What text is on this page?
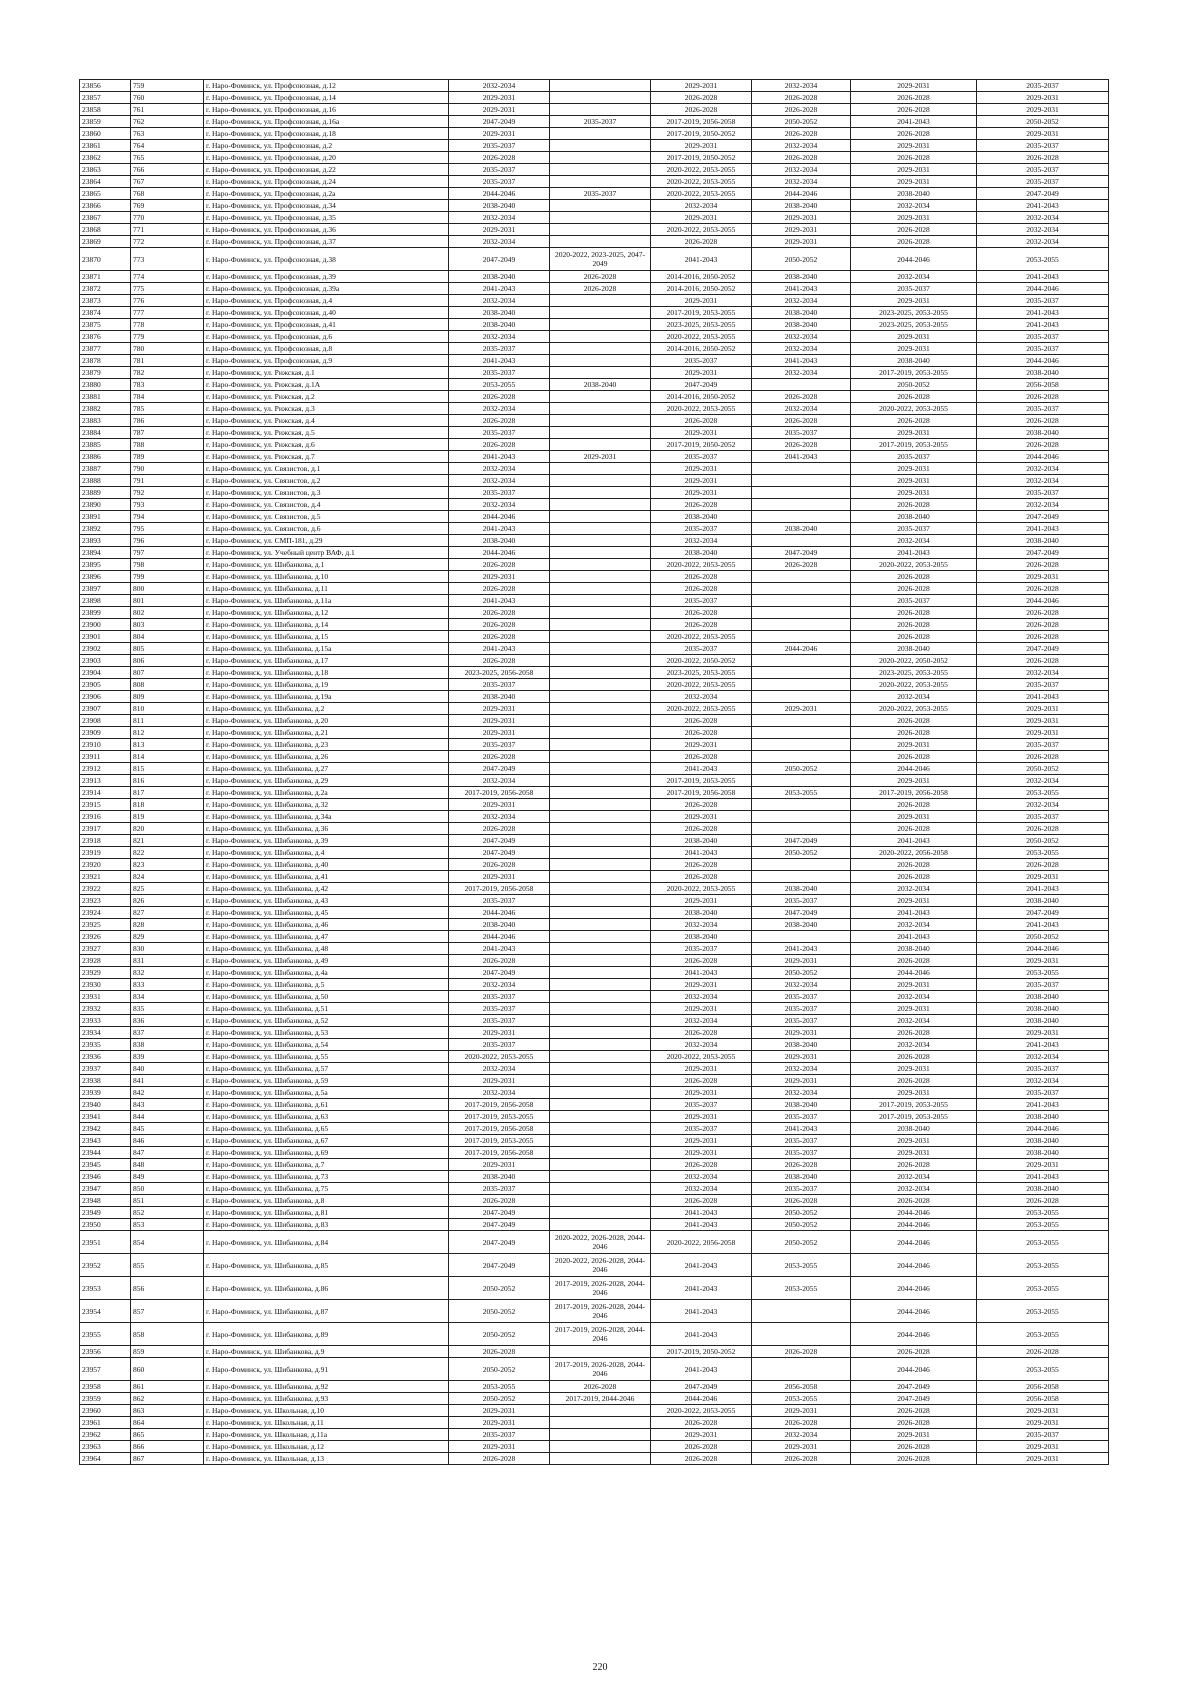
23856	759	г. Наро-Фоминск, ул. Профсоюзная, д.12	2032-2034		2029-2031	2032-2034	2029-2031	2035-2037
23857	760	г. Наро-Фоминск, ул. Профсоюзная, д.14	2029-2031		2026-2028	2026-2028	2026-2028	2029-2031
23858	761	г. Наро-Фоминск, ул. Профсоюзная, д.16	2029-2031		2026-2028	2026-2028	2026-2028	2029-2031
23859	762	г. Наро-Фоминск, ул. Профсоюзная, д.16а	2047-2049	2035-2037	2017-2019, 2056-2058	2050-2052	2041-2043	2050-2052
23860	763	г. Наро-Фоминск, ул. Профсоюзная, д.18	2029-2031		2017-2019, 2050-2052	2026-2028	2026-2028	2029-2031
23861	764	г. Наро-Фоминск, ул. Профсоюзная, д.2	2035-2037		2029-2031	2032-2034	2029-2031	2035-2037
23862	765	г. Наро-Фоминск, ул. Профсоюзная, д.20	2026-2028		2017-2019, 2050-2052	2026-2028	2026-2028	2026-2028
23863	766	г. Наро-Фоминск, ул. Профсоюзная, д.22	2035-2037		2020-2022, 2053-2055	2032-2034	2029-2031	2035-2037
23864	767	г. Наро-Фоминск, ул. Профсоюзная, д.24	2035-2037		2020-2022, 2053-2055	2032-2034	2029-2031	2035-2037
23865	768	г. Наро-Фоминск, ул. Профсоюзная, д.2а	2044-2046	2035-2037	2020-2022, 2053-2055	2044-2046	2038-2040	2047-2049
23866	769	г. Наро-Фоминск, ул. Профсоюзная, д.34	2038-2040		2032-2034	2038-2040	2032-2034	2041-2043
23867	770	г. Наро-Фоминск, ул. Профсоюзная, д.35	2032-2034		2029-2031	2029-2031	2029-2031	2032-2034
23868	771	г. Наро-Фоминск, ул. Профсоюзная, д.36	2029-2031		2020-2022, 2053-2055	2029-2031	2026-2028	2032-2034
23869	772	г. Наро-Фоминск, ул. Профсоюзная, д.37	2032-2034		2026-2028	2029-2031	2026-2028	2032-2034
23870	773	г. Наро-Фоминск, ул. Профсоюзная, д.38	2047-2049	2020-2022, 2023-2025, 2047-2049	2041-2043	2050-2052	2044-2046	2053-2055
23871	774	г. Наро-Фоминск, ул. Профсоюзная, д.39	2038-2040	2026-2028	2014-2016, 2050-2052	2038-2040	2032-2034	2041-2043
23872	775	г. Наро-Фоминск, ул. Профсоюзная, д.39а	2041-2043	2026-2028	2014-2016, 2050-2052	2041-2043	2035-2037	2044-2046
23873	776	г. Наро-Фоминск, ул. Профсоюзная, д.4	2032-2034		2029-2031	2032-2034	2029-2031	2035-2037
23874	777	г. Наро-Фоминск, ул. Профсоюзная, д.40	2038-2040		2017-2019, 2053-2055	2038-2040	2023-2025, 2053-2055	2041-2043
23875	778	г. Наро-Фоминск, ул. Профсоюзная, д.41	2038-2040		2023-2025, 2053-2055	2038-2040	2023-2025, 2053-2055	2041-2043
23876	779	г. Наро-Фоминск, ул. Профсоюзная, д.6	2032-2034		2020-2022, 2053-2055	2032-2034	2029-2031	2035-2037
23877	780	г. Наро-Фоминск, ул. Профсоюзная, д.8	2035-2037		2014-2016, 2050-2052	2032-2034	2029-2031	2035-2037
23878	781	г. Наро-Фоминск, ул. Профсоюзная, д.9	2041-2043		2035-2037	2041-2043	2038-2040	2044-2046
23879	782	г. Наро-Фоминск, ул. Рижская, д.1	2035-2037		2029-2031	2032-2034	2017-2019, 2053-2055	2038-2040
23880	783	г. Наро-Фоминск, ул. Рижская, д.1А	2053-2055	2038-2040	2047-2049		2050-2052	2056-2058
23881	784	г. Наро-Фоминск, ул. Рижская, д.2	2026-2028		2014-2016, 2050-2052	2026-2028	2026-2028	2026-2028
23882	785	г. Наро-Фоминск, ул. Рижская, д.3	2032-2034		2020-2022, 2053-2055	2032-2034	2020-2022, 2053-2055	2035-2037
23883	786	г. Наро-Фоминск, ул. Рижская, д.4	2026-2028		2026-2028	2026-2028	2026-2028	2026-2028
23884	787	г. Наро-Фоминск, ул. Рижская, д.5	2035-2037		2029-2031	2035-2037	2029-2031	2038-2040
23885	788	г. Наро-Фоминск, ул. Рижская, д.6	2026-2028		2017-2019, 2050-2052	2026-2028	2017-2019, 2053-2055	2026-2028
23886	789	г. Наро-Фоминск, ул. Рижская, д.7	2041-2043	2029-2031	2035-2037	2041-2043	2035-2037	2044-2046
23887	790	г. Наро-Фоминск, ул. Связистов, д.1	2032-2034		2029-2031		2029-2031	2032-2034
23888	791	г. Наро-Фоминск, ул. Связистов, д.2	2032-2034		2029-2031		2029-2031	2032-2034
23889	792	г. Наро-Фоминск, ул. Связистов, д.3	2035-2037		2029-2031		2029-2031	2035-2037
23890	793	г. Наро-Фоминск, ул. Связистов, д.4	2032-2034		2026-2028		2026-2028	2032-2034
23891	794	г. Наро-Фоминск, ул. Связистов, д.5	2044-2046		2038-2040		2038-2040	2047-2049
23892	795	г. Наро-Фоминск, ул. Связистов, д.6	2041-2043		2035-2037	2038-2040	2035-2037	2041-2043
23893	796	г. Наро-Фоминск, ул. СМП-181, д.29	2038-2040		2032-2034		2032-2034	2038-2040
23894	797	г. Наро-Фоминск, ул. Учебный центр ВАФ, д.1	2044-2046		2038-2040	2047-2049	2041-2043	2047-2049
23895	798	г. Наро-Фоминск, ул. Шибанкова, д.1	2026-2028		2020-2022, 2053-2055	2026-2028	2020-2022, 2053-2055	2026-2028
23896	799	г. Наро-Фоминск, ул. Шибанкова, д.10	2029-2031		2026-2028		2026-2028	2029-2031
23897	800	г. Наро-Фоминск, ул. Шибанкова, д.11	2026-2028		2026-2028		2026-2028	2026-2028
23898	801	г. Наро-Фоминск, ул. Шибанкова, д.11а	2041-2043		2035-2037		2035-2037	2044-2046
23899	802	г. Наро-Фоминск, ул. Шибанкова, д.12	2026-2028		2026-2028		2026-2028	2026-2028
23900	803	г. Наро-Фоминск, ул. Шибанкова, д.14	2026-2028		2026-2028		2026-2028	2026-2028
23901	804	г. Наро-Фоминск, ул. Шибанкова, д.15	2026-2028		2020-2022, 2053-2055		2026-2028	2026-2028
23902	805	г. Наро-Фоминск, ул. Шибанкова, д.15а	2041-2043		2035-2037	2044-2046	2038-2040	2047-2049
23903	806	г. Наро-Фоминск, ул. Шибанкова, д.17	2026-2028		2020-2022, 2050-2052		2020-2022, 2050-2052	2026-2028
23904	807	г. Наро-Фоминск, ул. Шибанкова, д.18	2023-2025, 2056-2058		2023-2025, 2053-2055		2023-2025, 2053-2055	2032-2034
23905	808	г. Наро-Фоминск, ул. Шибанкова, д.19	2035-2037		2020-2022, 2053-2055		2020-2022, 2053-2055	2035-2037
23906	809	г. Наро-Фоминск, ул. Шибанкова, д.19а	2038-2040		2032-2034		2032-2034	2041-2043
23907	810	г. Наро-Фоминск, ул. Шибанкова, д.2	2029-2031		2020-2022, 2053-2055	2029-2031	2020-2022, 2053-2055	2029-2031
23908	811	г. Наро-Фоминск, ул. Шибанкова, д.20	2029-2031		2026-2028		2026-2028	2029-2031
23909	812	г. Наро-Фоминск, ул. Шибанкова, д.21	2029-2031		2026-2028		2026-2028	2029-2031
23910	813	г. Наро-Фоминск, ул. Шибанкова, д.23	2035-2037		2029-2031		2029-2031	2035-2037
23911	814	г. Наро-Фоминск, ул. Шибанкова, д.26	2026-2028		2026-2028		2026-2028	2026-2028
23912	815	г. Наро-Фоминск, ул. Шибанкова, д.27	2047-2049		2041-2043	2050-2052	2044-2046	2050-2052
23913	816	г. Наро-Фоминск, ул. Шибанкова, д.29	2032-2034		2017-2019, 2053-2055		2029-2031	2032-2034
23914	817	г. Наро-Фоминск, ул. Шибанкова, д.2а	2017-2019, 2056-2058		2017-2019, 2056-2058	2053-2055	2017-2019, 2056-2058	2053-2055
23915	818	г. Наро-Фоминск, ул. Шибанкова, д.32	2029-2031		2026-2028		2026-2028	2032-2034
23916	819	г. Наро-Фоминск, ул. Шибанкова, д.34а	2032-2034		2029-2031		2029-2031	2035-2037
23917	820	г. Наро-Фоминск, ул. Шибанкова, д.36	2026-2028		2026-2028		2026-2028	2026-2028
23918	821	г. Наро-Фоминск, ул. Шибанкова, д.39	2047-2049		2038-2040	2047-2049	2041-2043	2050-2052
23919	822	г. Наро-Фоминск, ул. Шибанкова, д.4	2047-2049		2041-2043	2050-2052	2020-2022, 2056-2058	2053-2055
23920	823	г. Наро-Фоминск, ул. Шибанкова, д.40	2026-2028		2026-2028		2026-2028	2026-2028
23921	824	г. Наро-Фоминск, ул. Шибанкова, д.41	2029-2031		2026-2028		2026-2028	2029-2031
23922	825	г. Наро-Фоминск, ул. Шибанкова, д.42	2017-2019, 2056-2058		2020-2022, 2053-2055	2038-2040	2032-2034	2041-2043
23923	826	г. Наро-Фоминск, ул. Шибанкова, д.43	2035-2037		2029-2031	2035-2037	2029-2031	2038-2040
23924	827	г. Наро-Фоминск, ул. Шибанкова, д.45	2044-2046		2038-2040	2047-2049	2041-2043	2047-2049
23925	828	г. Наро-Фоминск, ул. Шибанкова, д.46	2038-2040		2032-2034	2038-2040	2032-2034	2041-2043
23926	829	г. Наро-Фоминск, ул. Шибанкова, д.47	2044-2046		2038-2040		2041-2043	2050-2052
23927	830	г. Наро-Фоминск, ул. Шибанкова, д.48	2041-2043		2035-2037	2041-2043	2038-2040	2044-2046
23928	831	г. Наро-Фоминск, ул. Шибанкова, д.49	2026-2028		2026-2028	2029-2031	2026-2028	2029-2031
23929	832	г. Наро-Фоминск, ул. Шибанкова, д.4а	2047-2049		2041-2043	2050-2052	2044-2046	2053-2055
23930	833	г. Наро-Фоминск, ул. Шибанкова, д.5	2032-2034		2029-2031	2032-2034	2029-2031	2035-2037
23931	834	г. Наро-Фоминск, ул. Шибанкова, д.50	2035-2037		2032-2034	2035-2037	2032-2034	2038-2040
23932	835	г. Наро-Фоминск, ул. Шибанкова, д.51	2035-2037		2029-2031	2035-2037	2029-2031	2038-2040
23933	836	г. Наро-Фоминск, ул. Шибанкова, д.52	2035-2037		2032-2034	2035-2037	2032-2034	2038-2040
23934	837	г. Наро-Фоминск, ул. Шибанкова, д.53	2029-2031		2026-2028	2029-2031	2026-2028	2029-2031
23935	838	г. Наро-Фоминск, ул. Шибанкова, д.54	2035-2037		2032-2034	2038-2040	2032-2034	2041-2043
23936	839	г. Наро-Фоминск, ул. Шибанкова, д.55	2020-2022, 2053-2055		2020-2022, 2053-2055	2029-2031	2026-2028	2032-2034
23937	840	г. Наро-Фоминск, ул. Шибанкова, д.57	2032-2034		2029-2031	2032-2034	2029-2031	2035-2037
23938	841	г. Наро-Фоминск, ул. Шибанкова, д.59	2029-2031		2026-2028	2029-2031	2026-2028	2032-2034
23939	842	г. Наро-Фоминск, ул. Шибанкова, д.5а	2032-2034		2029-2031	2032-2034	2029-2031	2035-2037
23940	843	г. Наро-Фоминск, ул. Шибанкова, д.61	2017-2019, 2056-2058		2035-2037	2038-2040	2017-2019, 2053-2055	2041-2043
23941	844	г. Наро-Фоминск, ул. Шибанкова, д.63	2017-2019, 2053-2055		2029-2031	2035-2037	2017-2019, 2053-2055	2038-2040
23942	845	г. Наро-Фоминск, ул. Шибанкова, д.65	2017-2019, 2056-2058		2035-2037	2041-2043	2038-2040	2044-2046
23943	846	г. Наро-Фоминск, ул. Шибанкова, д.67	2017-2019, 2053-2055		2029-2031	2035-2037	2029-2031	2038-2040
23944	847	г. Наро-Фоминск, ул. Шибанкова, д.69	2017-2019, 2056-2058		2029-2031	2035-2037	2029-2031	2038-2040
23945	848	г. Наро-Фоминск, ул. Шибанкова, д.7	2029-2031		2026-2028	2026-2028	2026-2028	2029-2031
23946	849	г. Наро-Фоминск, ул. Шибанкова, д.73	2038-2040		2032-2034	2038-2040	2032-2034	2041-2043
23947	850	г. Наро-Фоминск, ул. Шибанкова, д.75	2035-2037		2032-2034	2035-2037	2032-2034	2038-2040
23948	851	г. Наро-Фоминск, ул. Шибанкова, д.8	2026-2028		2026-2028	2026-2028	2026-2028	2026-2028
23949	852	г. Наро-Фоминск, ул. Шибанкова, д.81	2047-2049		2041-2043	2050-2052	2044-2046	2053-2055
23950	853	г. Наро-Фоминск, ул. Шибанкова, д.83	2047-2049		2041-2043	2050-2052	2044-2046	2053-2055
23951	854	г. Наро-Фоминск, ул. Шибанкова, д.84	2047-2049	2020-2022, 2026-2028, 2044-2046	2020-2022, 2056-2058	2050-2052	2044-2046	2053-2055
23952	855	г. Наро-Фоминск, ул. Шибанкова, д.85	2047-2049	2020-2022, 2026-2028, 2044-2046	2041-2043	2053-2055	2044-2046	2053-2055
23953	856	г. Наро-Фоминск, ул. Шибанкова, д.86	2050-2052	2017-2019, 2026-2028, 2044-2046	2041-2043	2053-2055	2044-2046	2053-2055
23954	857	г. Наро-Фоминск, ул. Шибанкова, д.87	2050-2052	2017-2019, 2026-2028, 2044-2046	2041-2043		2044-2046	2053-2055
23955	858	г. Наро-Фоминск, ул. Шибанкова, д.89	2050-2052	2017-2019, 2026-2028, 2044-2046	2041-2043		2044-2046	2053-2055
23956	859	г. Наро-Фоминск, ул. Шибанкова, д.9	2026-2028		2017-2019, 2050-2052	2026-2028	2026-2028	2026-2028
23957	860	г. Наро-Фоминск, ул. Шибанкова, д.91	2050-2052	2017-2019, 2026-2028, 2044-2046	2041-2043		2044-2046	2053-2055
23958	861	г. Наро-Фоминск, ул. Шибанкова, д.92	2053-2055	2026-2028	2047-2049	2056-2058	2047-2049	2056-2058
23959	862	г. Наро-Фоминск, ул. Шибанкова, д.93	2050-2052	2017-2019, 2044-2046	2044-2046	2053-2055	2047-2049	2056-2058
23960	863	г. Наро-Фоминск, ул. Школьная, д.10	2029-2031		2020-2022, 2053-2055	2029-2031	2026-2028	2029-2031
23961	864	г. Наро-Фоминск, ул. Школьная, д.11	2029-2031		2026-2028	2026-2028	2026-2028	2029-2031
23962	865	г. Наро-Фоминск, ул. Школьная, д.11а	2035-2037		2029-2031	2032-2034	2029-2031	2035-2037
23963	866	г. Наро-Фоминск, ул. Школьная, д.12	2029-2031		2026-2028	2029-2031	2026-2028	2029-2031
23964	867	г. Наро-Фоминск, ул. Школьная, д.13	2026-2028		2026-2028	2026-2028	2026-2028	2029-2031
220
